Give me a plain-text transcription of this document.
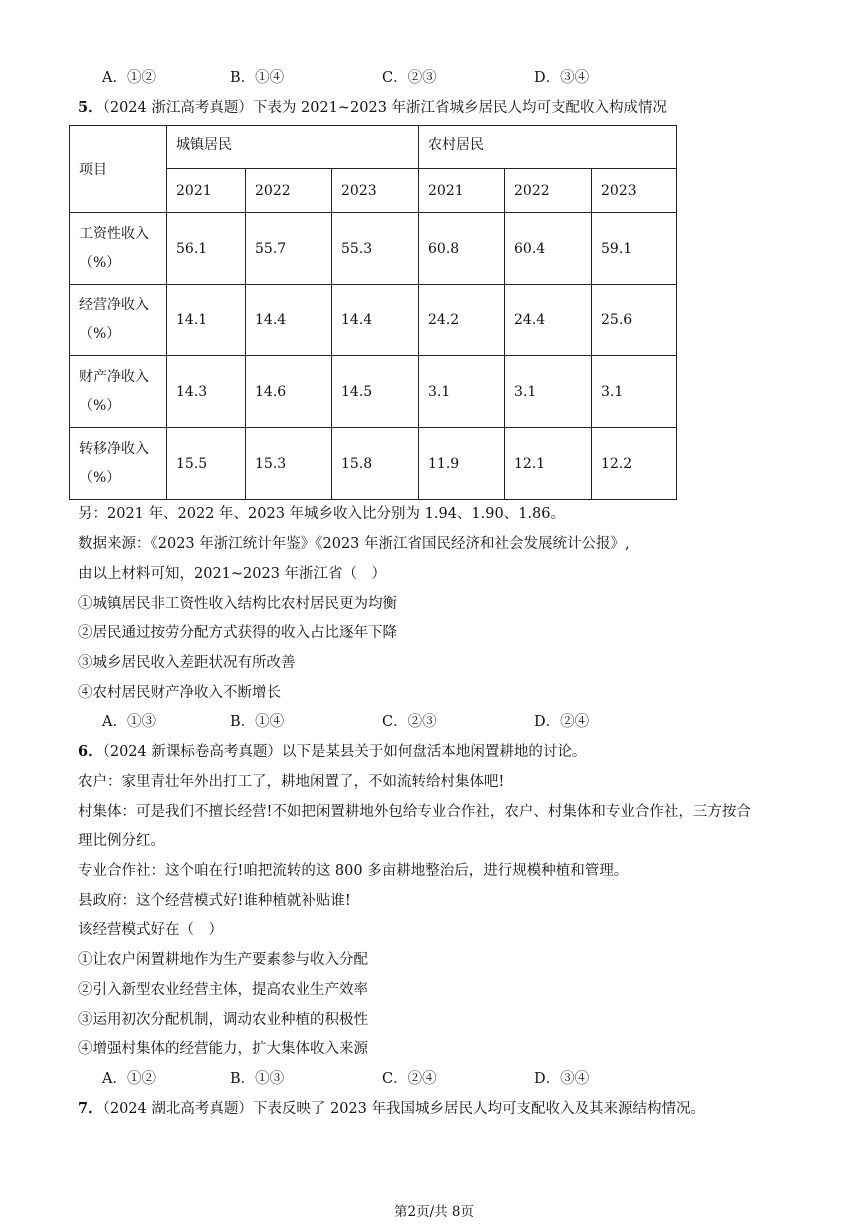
A．①②	B．①④	C．②③	D．③④
5．（2024 浙江高考真题）下表为 2021~2023 年浙江省城乡居民人均可支配收入构成情况
项目	城镇居民			农村居民		
	2021	2022	2023	2021	2022	2023

工资性收入
（%）	56.1	55.7	55.3	60.8	60.4	59.1

经营净收入
（%）	14.1	14.4	14.4	24.2	24.4	25.6

财产净收入
（%）	14.3	14.6	14.5	3.1	3.1	3.1

转移净收入
（%）	15.5	15.3	15.8	11.9	12.1	12.2
另：2021 年、2022 年、2023 年城乡收入比分别为 1.94、1.90、1.86。
数据来源：《2023 年浙江统计年鉴》《2023 年浙江省国民经济和社会发展统计公报》,
由以上材料可知，2021~2023 年浙江省（　）
①城镇居民非工资性收入结构比农村居民更为均衡
②居民通过按劳分配方式获得的收入占比逐年下降
③城乡居民收入差距状况有所改善
④农村居民财产净收入不断增长
A．①③	B．①④	C．②③	D．②④
6．（2024 新课标卷高考真题）以下是某县关于如何盘活本地闲置耕地的讨论。
农户：家里青壮年外出打工了，耕地闲置了，不如流转给村集体吧!
村集体：可是我们不擅长经营!不如把闲置耕地外包给专业合作社，农户、村集体和专业合作社，三方按合
理比例分红。
专业合作社：这个咱在行!咱把流转的这 800 多亩耕地整治后，进行规模种植和管理。
县政府：这个经营模式好!谁种植就补贴谁!
该经营模式好在（　）
①让农户闲置耕地作为生产要素参与收入分配
②引入新型农业经营主体，提高农业生产效率
③运用初次分配机制，调动农业种植的积极性
④增强村集体的经营能力，扩大集体收入来源
A．①②	B．①③	C．②④	D．③④
7．（2024 湖北高考真题）下表反映了 2023 年我国城乡居民人均可支配收入及其来源结构情况。
第2页/共 8页
